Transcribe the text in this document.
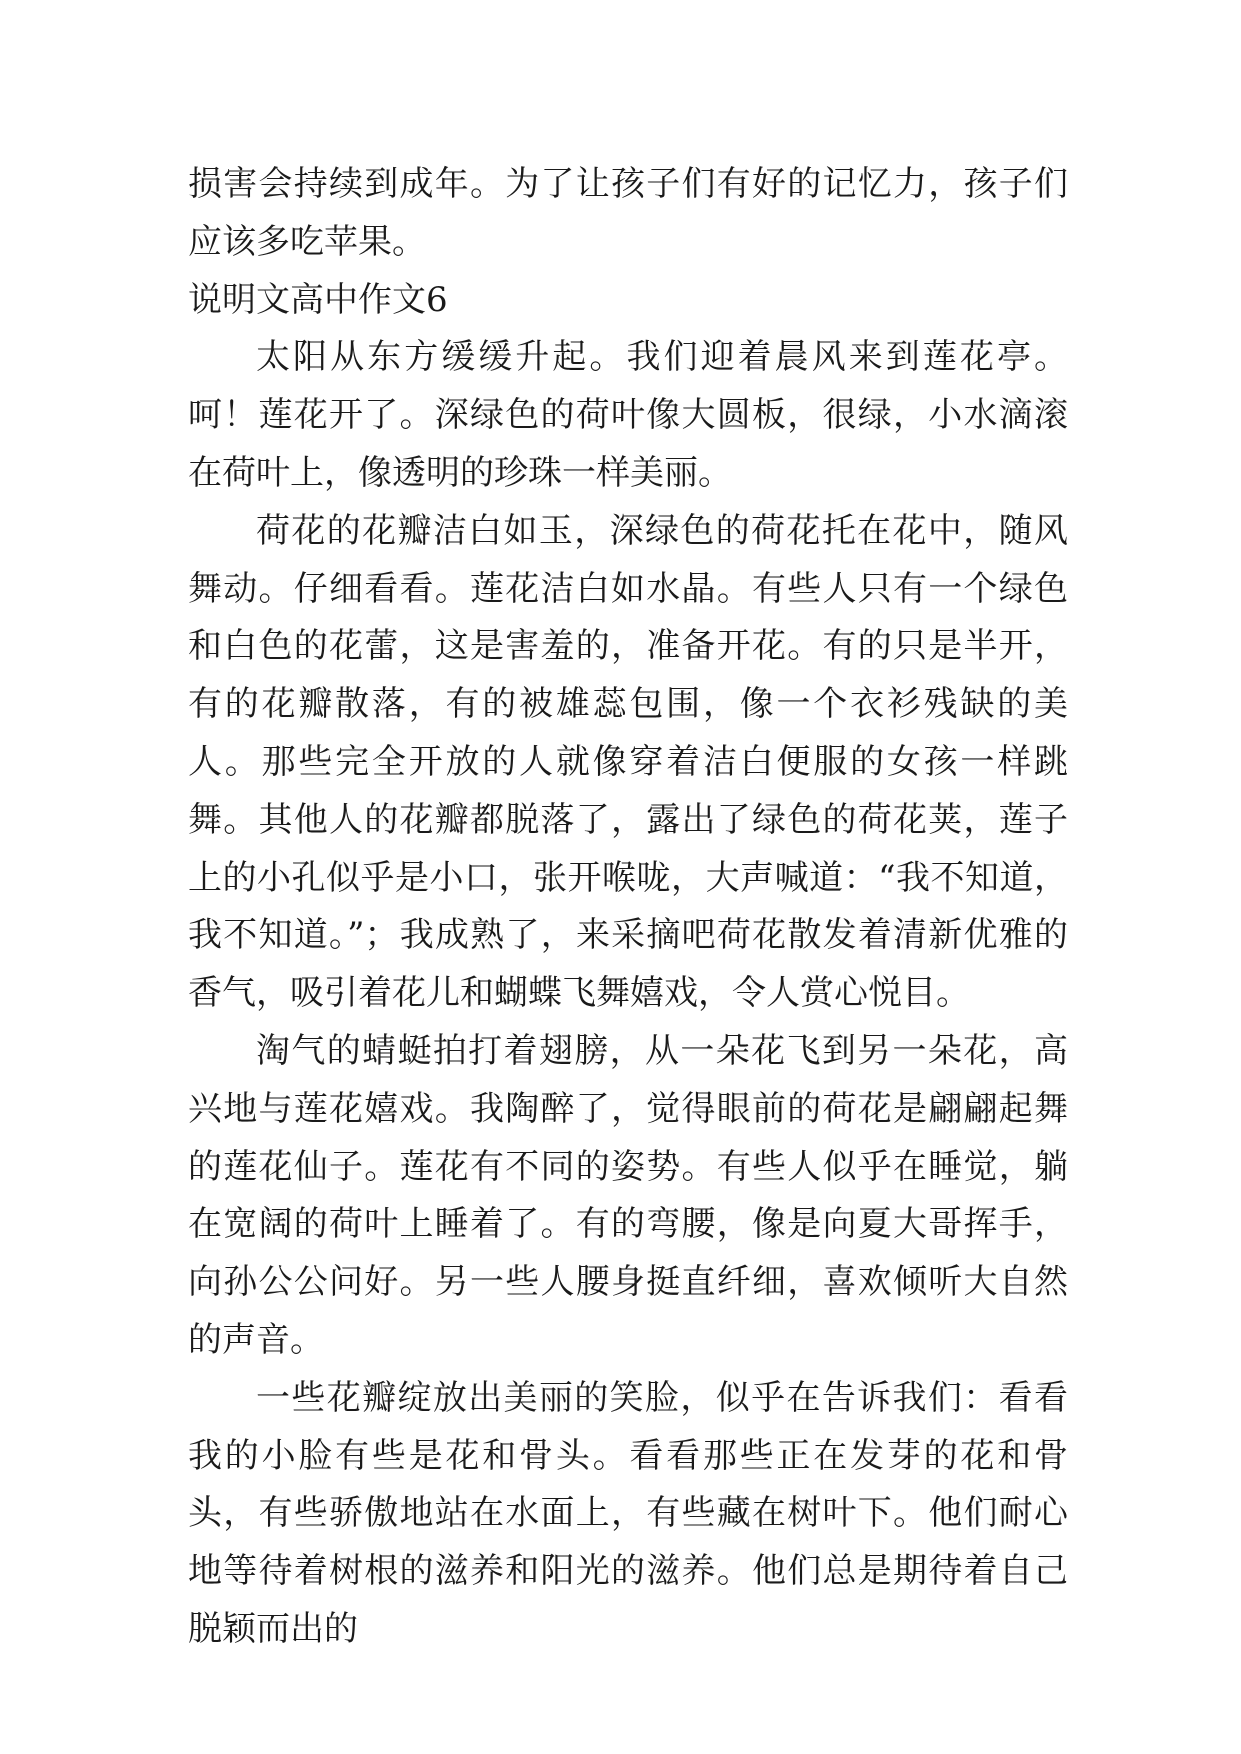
损害会持续到成年。为了让孩子们有好的记忆力，孩子们应该多吃苹果。

说明文高中作文6

太阳从东方缓缓升起。我们迎着晨风来到莲花亭。呵！莲花开了。深绿色的荷叶像大圆板，很绿，小水滴滚在荷叶上，像透明的珍珠一样美丽。

荷花的花瓣洁白如玉，深绿色的荷花托在花中，随风舞动。仔细看看。莲花洁白如水晶。有些人只有一个绿色和白色的花蕾，这是害羞的，准备开花。有的只是半开，有的花瓣散落，有的被雄蕊包围，像一个衣衫残缺的美人。那些完全开放的人就像穿着洁白便服的女孩一样跳舞。其他人的花瓣都脱落了，露出了绿色的荷花荚，莲子上的小孔似乎是小口，张开喉咙，大声喊道：“我不知道，我不知道。”；我成熟了，来采摘吧荷花散发着清新优雅的香气，吸引着花儿和蝴蝶飞舞嬉戏，令人赏心悦目。

淘气的蜻蜓拍打着翅膀，从一朵花飞到另一朵花，高兴地与莲花嬉戏。我陶醉了，觉得眼前的荷花是翩翩起舞的莲花仙子。莲花有不同的姿势。有些人似乎在睡觉，躺在宽阔的荷叶上睡着了。有的弯腰，像是向夏大哥挥手，向孙公公问好。另一些人腰身挺直纤细，喜欢倾听大自然的声音。

一些花瓣绽放出美丽的笑脸，似乎在告诉我们：看看我的小脸有些是花和骨头。看看那些正在发芽的花和骨头，有些骄傲地站在水面上，有些藏在树叶下。他们耐心地等待着树根的滋养和阳光的滋养。他们总是期待着自己脱颖而出的
